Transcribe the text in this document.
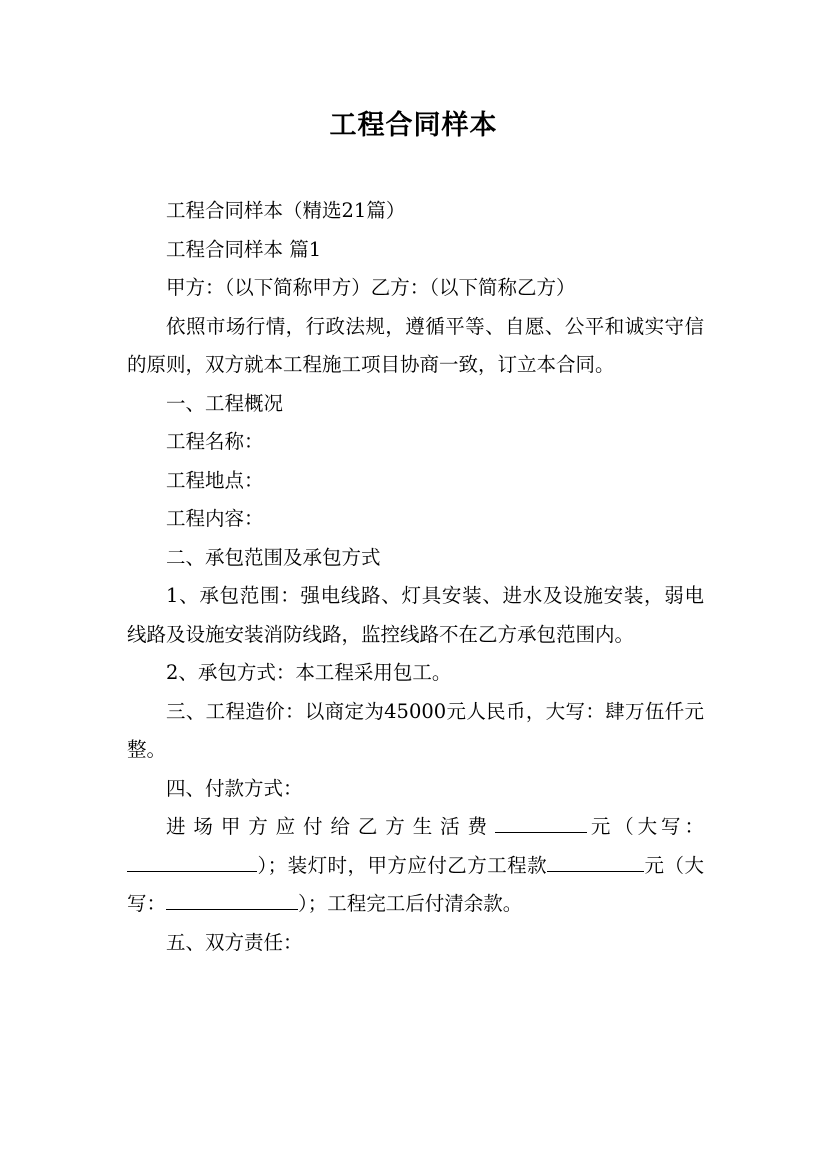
工程合同样本

工程合同样本（精选21篇）

工程合同样本 篇1

甲方：（以下简称甲方）乙方：（以下简称乙方）

依照市场行情，行政法规，遵循平等、自愿、公平和诚实守信的原则，双方就本工程施工项目协商一致，订立本合同。

一、工程概况

工程名称：

工程地点：

工程内容：

二、承包范围及承包方式

1、承包范围：强电线路、灯具安装、进水及设施安装，弱电线路及设施安装消防线路，监控线路不在乙方承包范围内。

2、承包方式：本工程采用包工。

三、工程造价：以商定为45000元人民币，大写：肆万伍仟元整。

四、付款方式：

进场甲方应付给乙方生活费	元（大写：）；装灯时，甲方应付乙方工程款	元（大写：	）；工程完工后付清余款。

五、双方责任：
